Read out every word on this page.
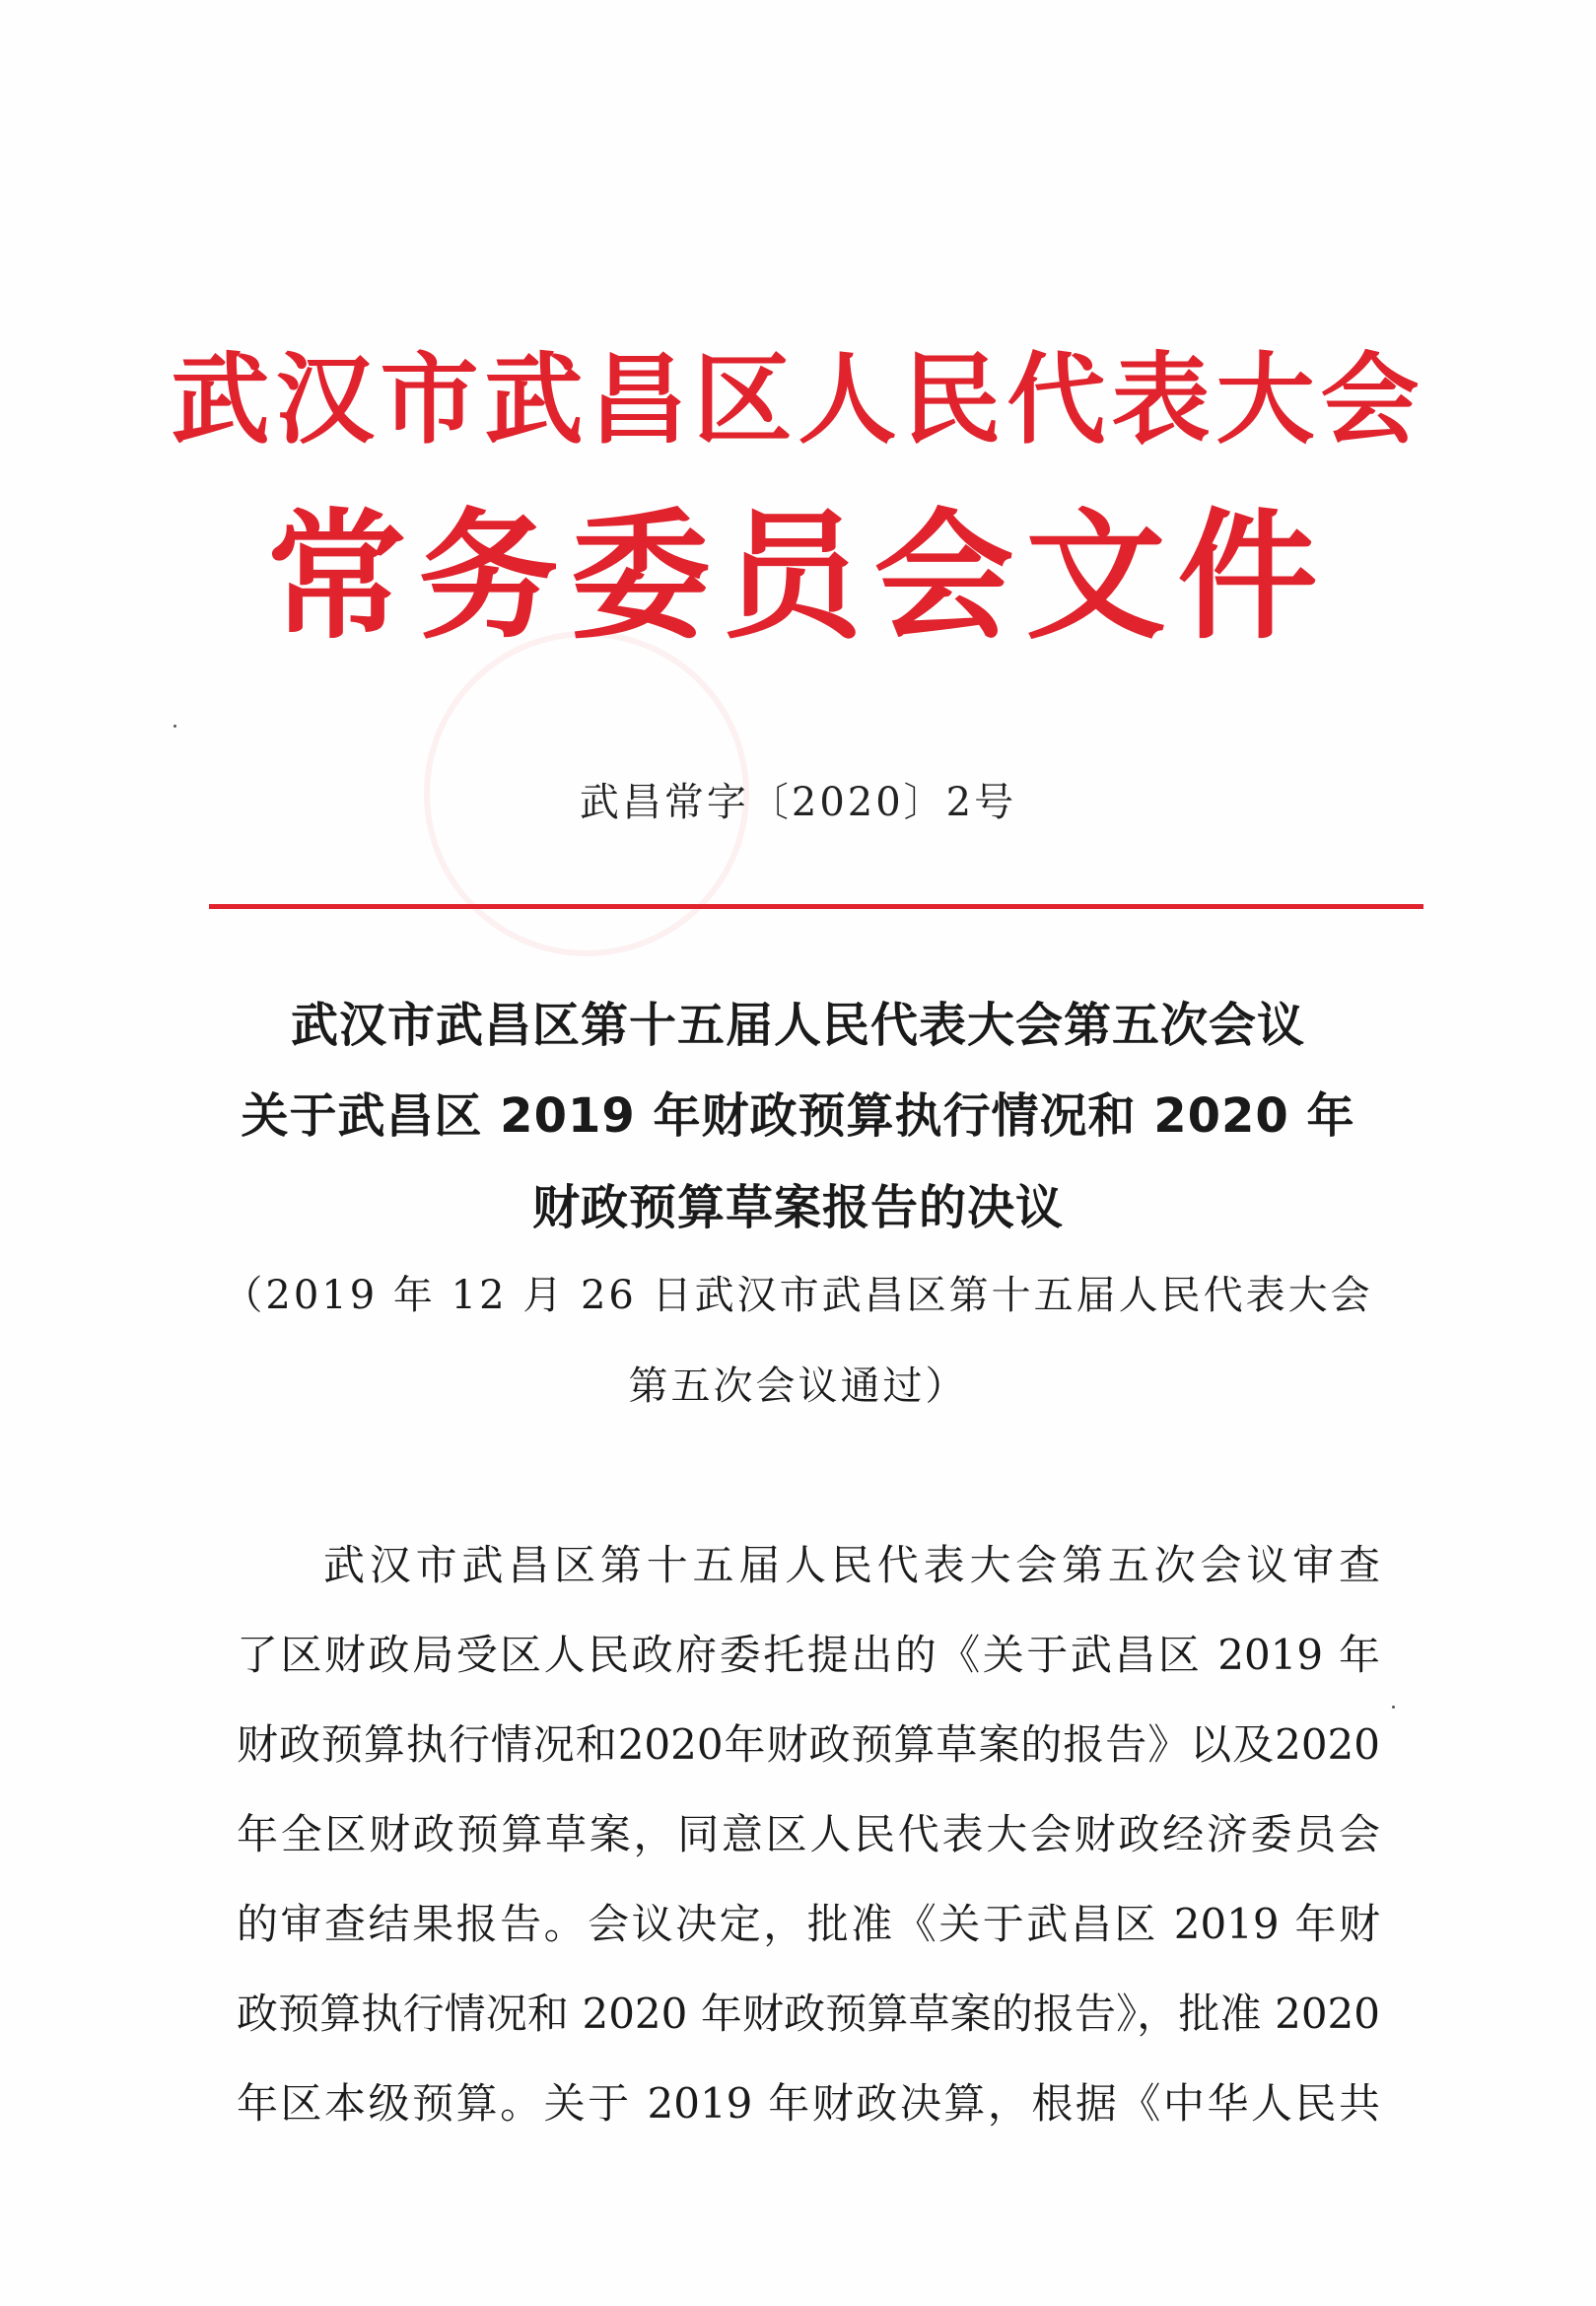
武汉市武昌区人民代表大会
常务委员会文件
武昌常字〔2020〕2号
武汉市武昌区第十五届人民代表大会第五次会议
关于武昌区 2019 年财政预算执行情况和 2020 年
财政预算草案报告的决议
（2019 年 12 月 26 日武汉市武昌区第十五届人民代表大会
第五次会议通过）
武汉市武昌区第十五届人民代表大会第五次会议审查
了区财政局受区人民政府委托提出的《关于武昌区 2019 年
财政预算执行情况和2020年财政预算草案的报告》以及2020
年全区财政预算草案，同意区人民代表大会财政经济委员会
的审查结果报告。会议决定，批准《关于武昌区 2019 年财
政预算执行情况和 2020 年财政预算草案的报告》，批准 2020
年区本级预算。关于 2019 年财政决算，根据《中华人民共
